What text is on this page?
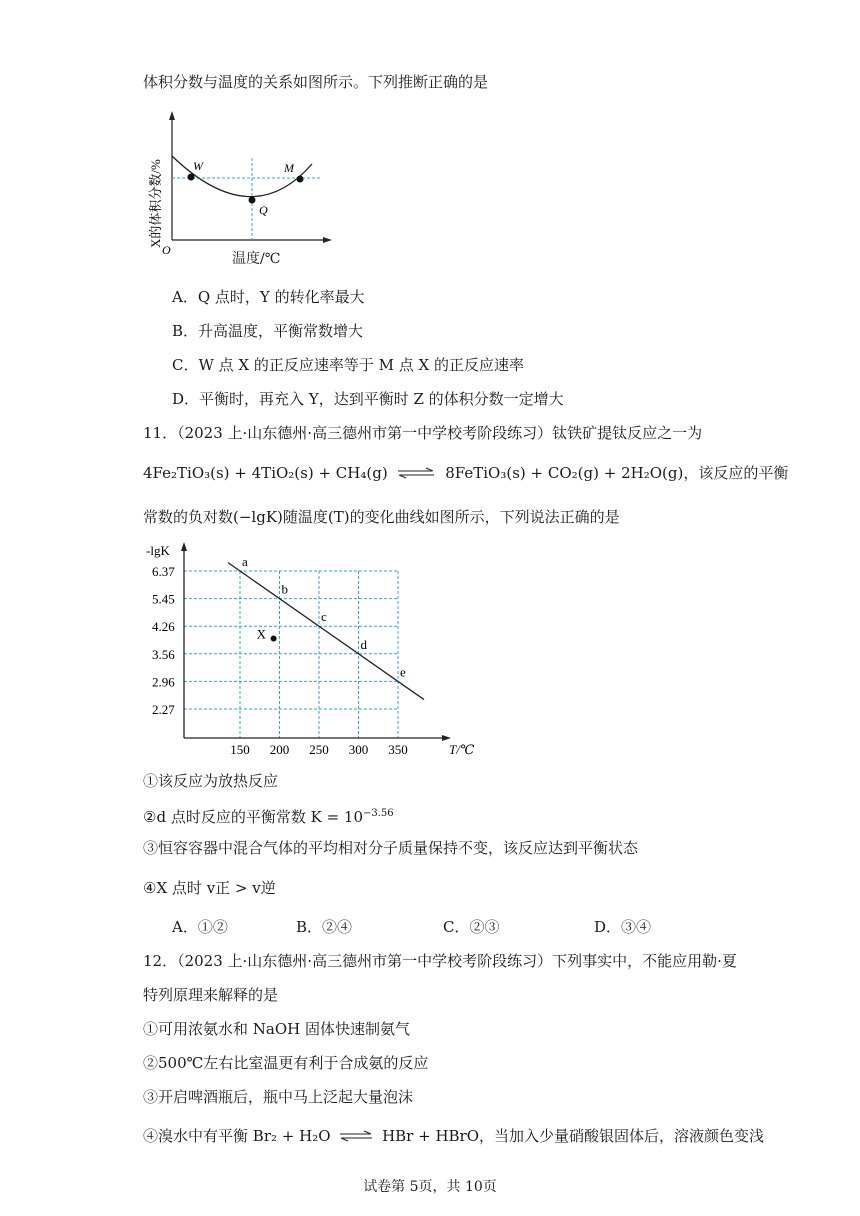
体积分数与温度的关系如图所示。下列推断正确的是
W
Q
M
O
X的体积分数/%
温度/℃
A．Q 点时，Y 的转化率最大
B．升高温度，平衡常数增大
C．W 点 X 的正反应速率等于 M 点 X 的正反应速率
D．平衡时，再充入 Y，达到平衡时 Z 的体积分数一定增大
11．（2023 上·山东德州·高三德州市第一中学校考阶段练习）钛铁矿提钛反应之一为
4Fe₂TiO₃(s) + 4TiO₂(s) + CH₄(g) ⇌ 8FeTiO₃(s) + CO₂(g) + 2H₂O(g)，该反应的平衡
常数的负对数(−lgK)随温度(T)的变化曲线如图所示，下列说法正确的是
6.37
5.45
4.26
3.56
2.96
2.27
150 200 250 300 350
-lgK
T/℃
a
b
c
d
e
X
①该反应为放热反应
②d 点时反应的平衡常数 $K = 10^{-3.56}$
③恒容容器中混合气体的平均相对分子质量保持不变，该反应达到平衡状态
④X 点时 v正 > v逆
A．①②	B．②④	C．②③	D．③④
12．（2023 上·山东德州·高三德州市第一中学校考阶段练习）下列事实中，不能应用勒·夏
特列原理来解释的是
①可用浓氨水和 NaOH 固体快速制氨气
②500℃左右比室温更有利于合成氨的反应
③开启啤酒瓶后，瓶中马上泛起大量泡沫
④溴水中有平衡 Br₂ + H₂O ⇌ HBr + HBrO，当加入少量硝酸银固体后，溶液颜色变浅
试卷第 5页，共 10页
